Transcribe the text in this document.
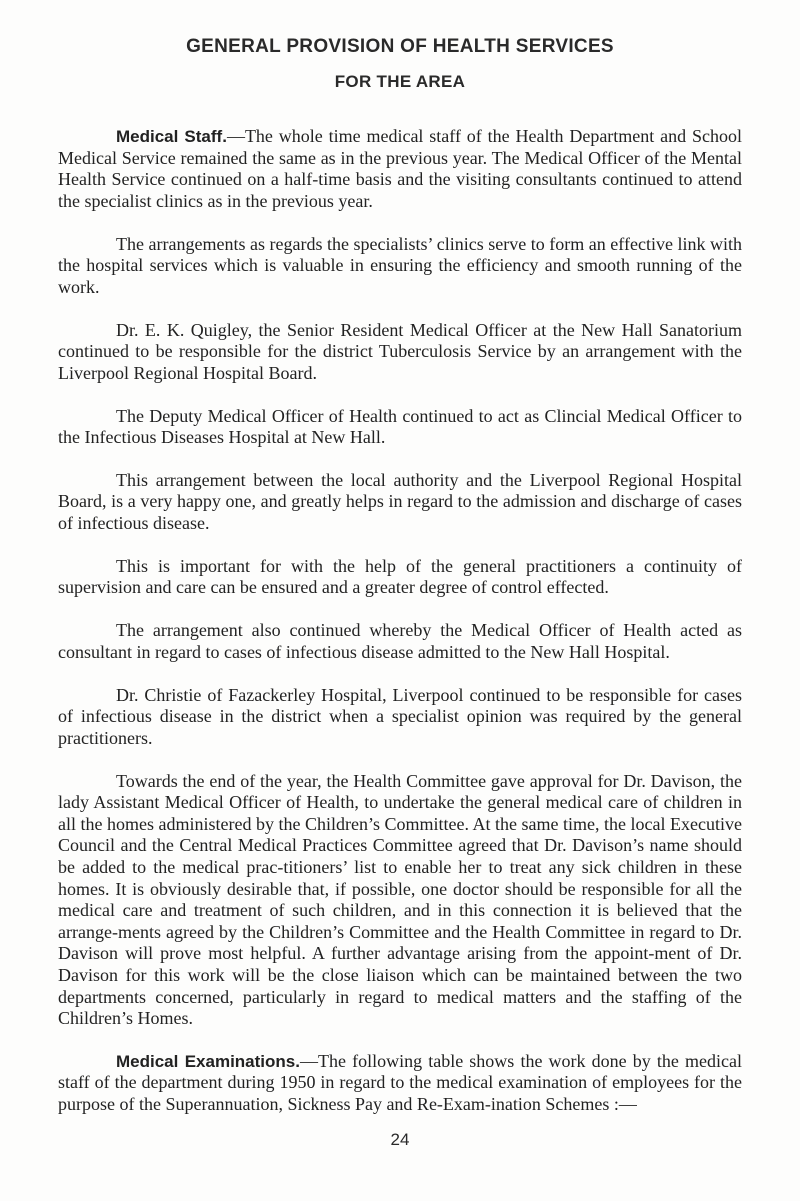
GENERAL PROVISION OF HEALTH SERVICES
FOR THE AREA

Medical Staff.—The whole time medical staff of the Health Department and School Medical Service remained the same as in the previous year. The Medical Officer of the Mental Health Service continued on a half-time basis and the visiting consultants continued to attend the specialist clinics as in the previous year.

The arrangements as regards the specialists’ clinics serve to form an effective link with the hospital services which is valuable in ensuring the efficiency and smooth running of the work.

Dr. E. K. Quigley, the Senior Resident Medical Officer at the New Hall Sanatorium continued to be responsible for the district Tuberculosis Service by an arrangement with the Liverpool Regional Hospital Board.

The Deputy Medical Officer of Health continued to act as Clincial Medical Officer to the Infectious Diseases Hospital at New Hall.

This arrangement between the local authority and the Liverpool Regional Hospital Board, is a very happy one, and greatly helps in regard to the admission and discharge of cases of infectious disease.

This is important for with the help of the general practitioners a continuity of supervision and care can be ensured and a greater degree of control effected.

The arrangement also continued whereby the Medical Officer of Health acted as consultant in regard to cases of infectious disease admitted to the New Hall Hospital.

Dr. Christie of Fazackerley Hospital, Liverpool continued to be responsible for cases of infectious disease in the district when a specialist opinion was required by the general practitioners.

Towards the end of the year, the Health Committee gave approval for Dr. Davison, the lady Assistant Medical Officer of Health, to undertake the general medical care of children in all the homes administered by the Children’s Committee. At the same time, the local Executive Council and the Central Medical Practices Committee agreed that Dr. Davison’s name should be added to the medical prac-titioners’ list to enable her to treat any sick children in these homes. It is obviously desirable that, if possible, one doctor should be responsible for all the medical care and treatment of such children, and in this connection it is believed that the arrange-ments agreed by the Children’s Committee and the Health Committee in regard to Dr. Davison will prove most helpful. A further advantage arising from the appoint-ment of Dr. Davison for this work will be the close liaison which can be maintained between the two departments concerned, particularly in regard to medical matters and the staffing of the Children’s Homes.

Medical Examinations.—The following table shows the work done by the medical staff of the department during 1950 in regard to the medical examination of employees for the purpose of the Superannuation, Sickness Pay and Re-Exam-ination Schemes :—

24
